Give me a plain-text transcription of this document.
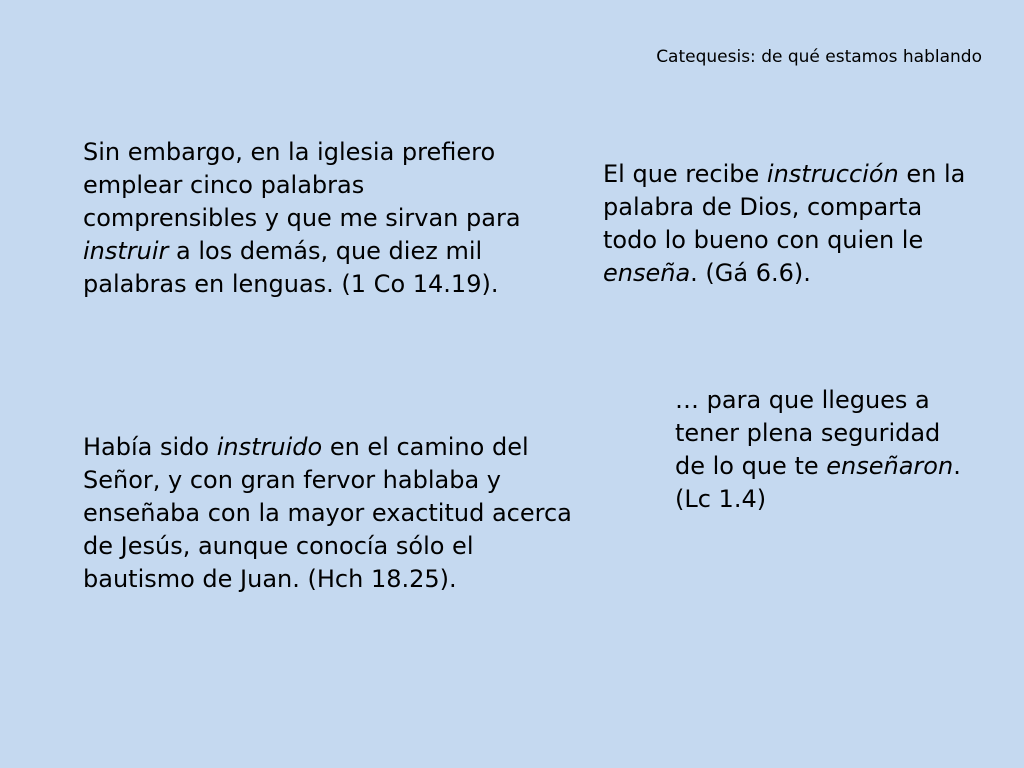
Catequesis: de qué estamos hablando

Sin embargo, en la iglesia prefiero emplear cinco palabras comprensibles y que me sirvan para instruir a los demás, que diez mil palabras en lenguas. (1 Co 14.19).

El que recibe instrucción en la palabra de Dios, comparta todo lo bueno con quien le enseña. (Gá 6.6).

… para que llegues a tener plena seguridad de lo que te enseñaron. (Lc 1.4)

Había sido instruido en el camino del Señor, y con gran fervor hablaba y enseñaba con la mayor exactitud acerca de Jesús, aunque conocía sólo el bautismo de Juan. (Hch 18.25).
